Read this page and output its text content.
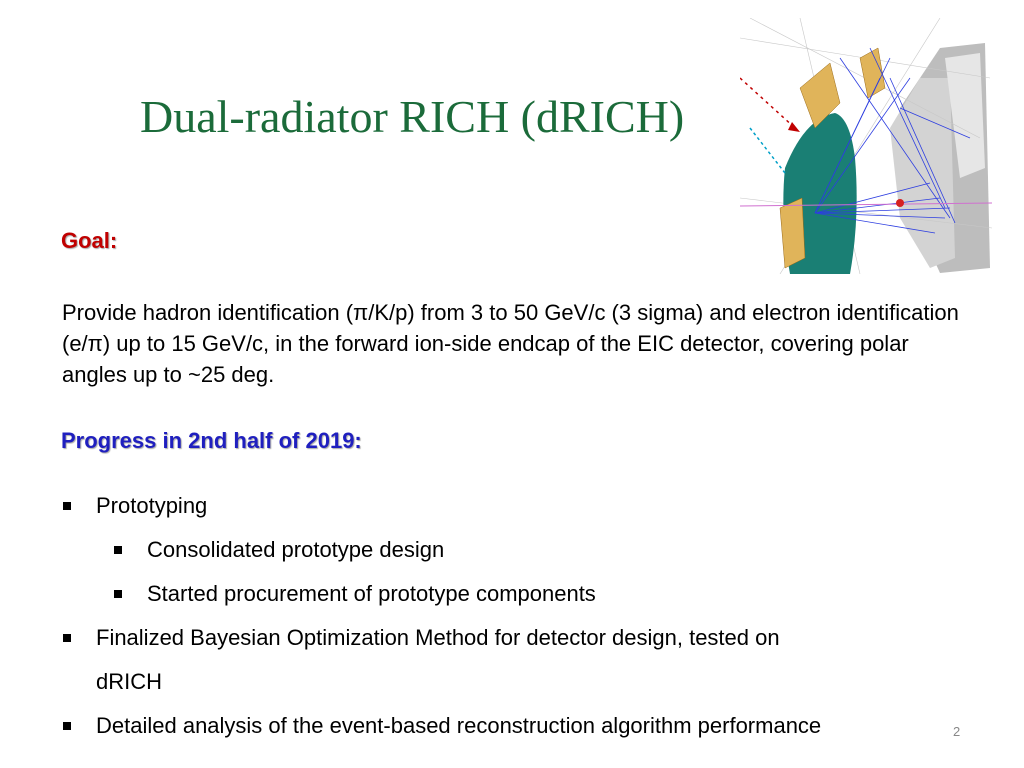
Dual-radiator RICH (dRICH)
Goal:
Provide hadron identification (π/K/p) from 3 to 50 GeV/c (3 sigma) and electron identification (e/π) up to 15 GeV/c, in the forward ion-side endcap of the EIC detector, covering polar angles up to ~25 deg.
Progress in 2nd half of 2019:
Prototyping
Consolidated prototype design
Started procurement of prototype components
Finalized Bayesian Optimization Method for detector design, tested on
dRICH
Detailed analysis of the event-based reconstruction algorithm performance	2
